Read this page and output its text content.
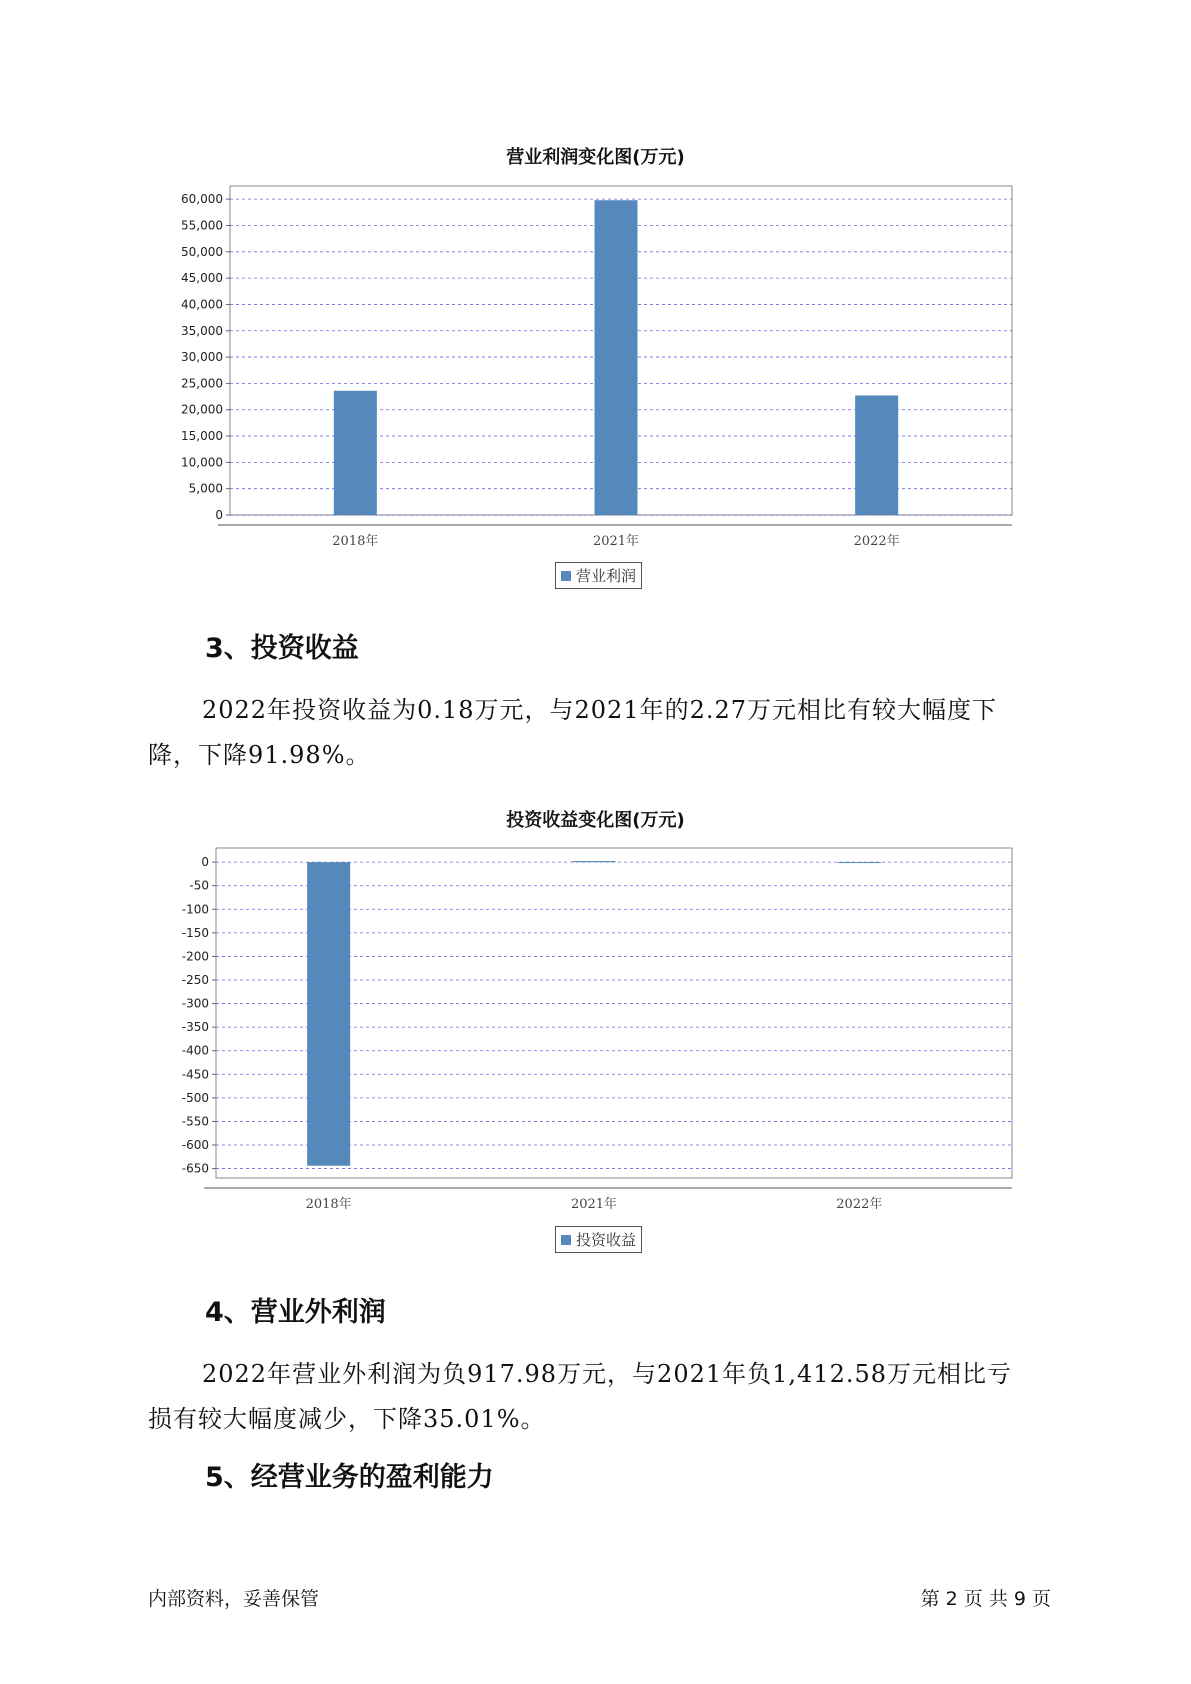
营业利润变化图(万元)
0
5,000
10,000
15,000
20,000
25,000
30,000
35,000
40,000
45,000
50,000
55,000
60,000
2018年	2021年	2022年
营业利润
3、投资收益

2022年投资收益为0.18万元，与2021年的2.27万元相比有较大幅度下
降，下降91.98%。

投资收益变化图(万元)
0
-50
-100
-150
-200
-250
-300
-350
-400
-450
-500
-550
-600
-650
2018年	2021年	2022年
投资收益
4、营业外利润

2022年营业外利润为负917.98万元，与2021年负1,412.58万元相比亏
损有较大幅度减少，下降35.01%。

5、经营业务的盈利能力
内部资料，妥善保管	第 2 页 共 9 页
